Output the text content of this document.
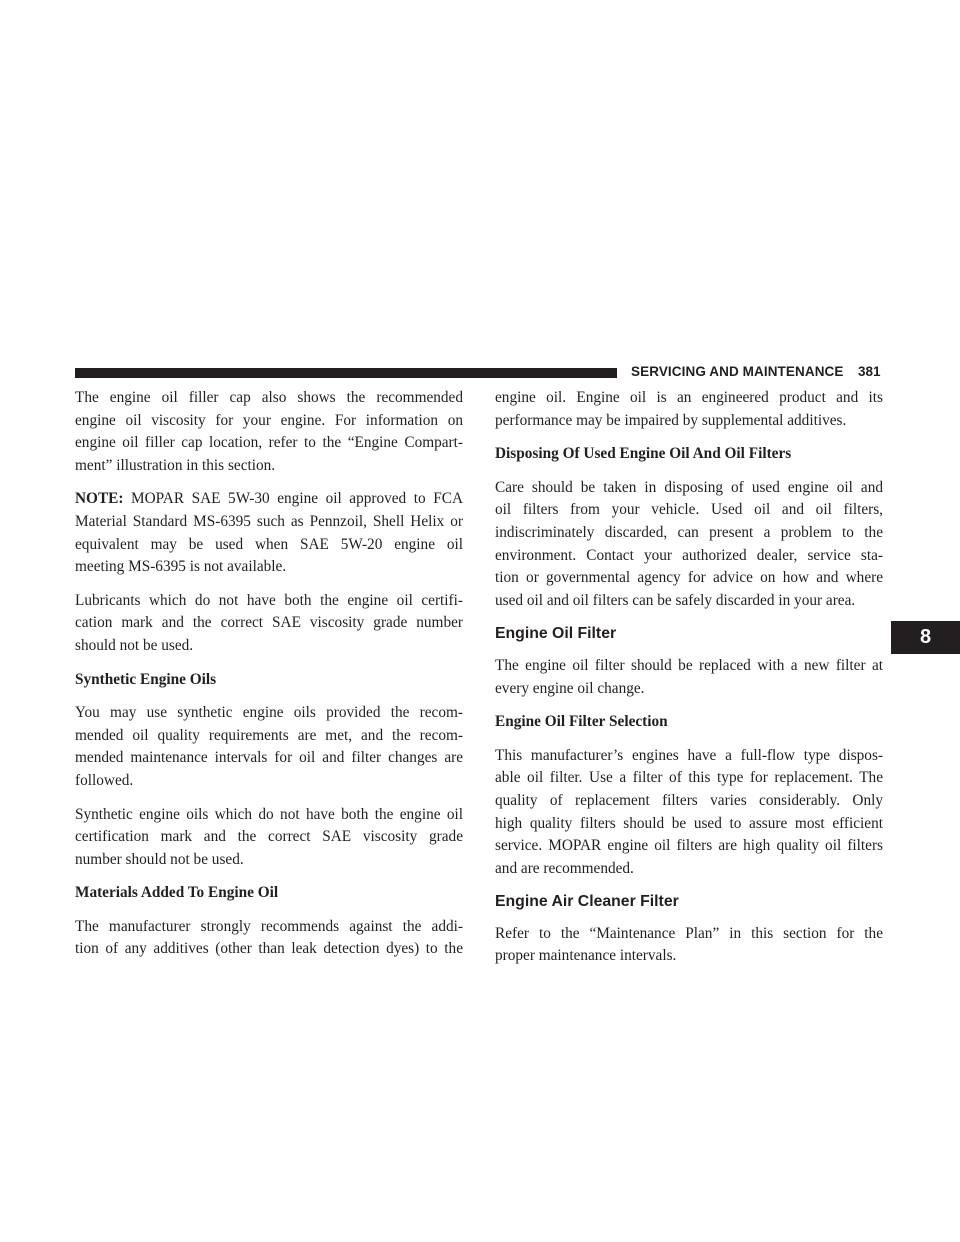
SERVICING AND MAINTENANCE 381
8
The engine oil filler cap also shows the recommended
engine oil viscosity for your engine. For information on
engine oil filler cap location, refer to the “Engine Compart-
ment” illustration in this section.
NOTE: MOPAR SAE 5W-30 engine oil approved to FCA
Material Standard MS-6395 such as Pennzoil, Shell Helix or
equivalent may be used when SAE 5W-20 engine oil
meeting MS-6395 is not available.
Lubricants which do not have both the engine oil certifi-
cation mark and the correct SAE viscosity grade number
should not be used.
Synthetic Engine Oils
You may use synthetic engine oils provided the recom-
mended oil quality requirements are met, and the recom-
mended maintenance intervals for oil and filter changes are
followed.
Synthetic engine oils which do not have both the engine oil
certification mark and the correct SAE viscosity grade
number should not be used.
Materials Added To Engine Oil
The manufacturer strongly recommends against the addi-
tion of any additives (other than leak detection dyes) to the
engine oil. Engine oil is an engineered product and its
performance may be impaired by supplemental additives.
Disposing Of Used Engine Oil And Oil Filters
Care should be taken in disposing of used engine oil and
oil filters from your vehicle. Used oil and oil filters,
indiscriminately discarded, can present a problem to the
environment. Contact your authorized dealer, service sta-
tion or governmental agency for advice on how and where
used oil and oil filters can be safely discarded in your area.
Engine Oil Filter
The engine oil filter should be replaced with a new filter at
every engine oil change.
Engine Oil Filter Selection
This manufacturer’s engines have a full-flow type dispos-
able oil filter. Use a filter of this type for replacement. The
quality of replacement filters varies considerably. Only
high quality filters should be used to assure most efficient
service. MOPAR engine oil filters are high quality oil filters
and are recommended.
Engine Air Cleaner Filter
Refer to the “Maintenance Plan” in this section for the
proper maintenance intervals.
